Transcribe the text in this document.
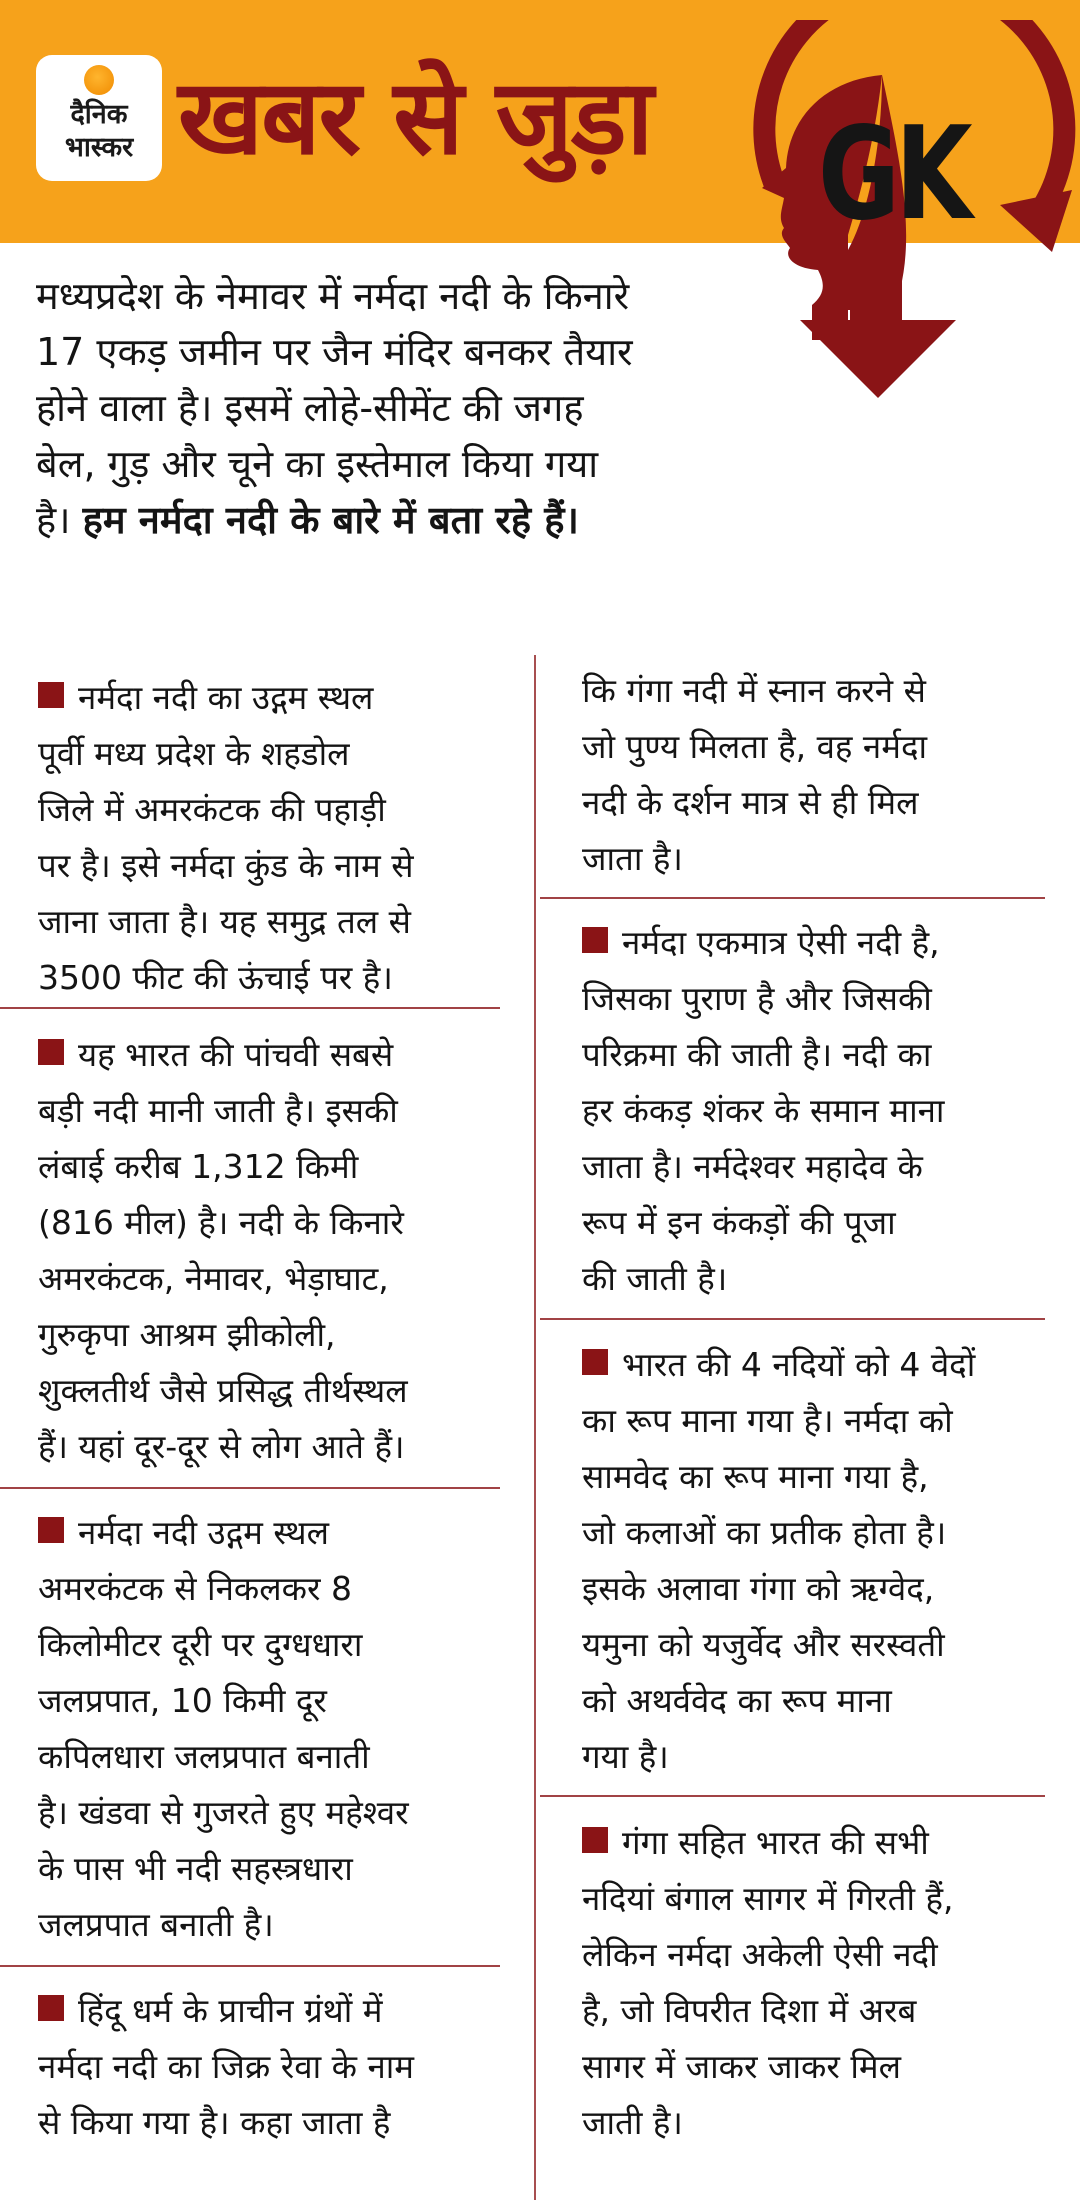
दैनिक
भास्कर खबर से जुड़ा GK
मध्यप्रदेश के नेमावर में नर्मदा नदी के किनारे
17 एकड़ जमीन पर जैन मंदिर बनकर तैयार
होने वाला है। इसमें लोहे-सीमेंट की जगह
बेल, गुड़ और चूने का इस्तेमाल किया गया
है। हम नर्मदा नदी के बारे में बता रहे हैं।
नर्मदा नदी का उद्गम स्थल
पूर्वी मध्य प्रदेश के शहडोल
जिले में अमरकंटक की पहाड़ी
पर है। इसे नर्मदा कुंड के नाम से
जाना जाता है। यह समुद्र तल से
3500 फीट की ऊंचाई पर है।
यह भारत की पांचवी सबसे
बड़ी नदी मानी जाती है। इसकी
लंबाई करीब 1,312 किमी
(816 मील) है। नदी के किनारे
अमरकंटक, नेमावर, भेड़ाघाट,
गुरुकृपा आश्रम झीकोली,
शुक्लतीर्थ जैसे प्रसिद्ध तीर्थस्थल
हैं। यहां दूर-दूर से लोग आते हैं।
नर्मदा नदी उद्गम स्थल
अमरकंटक से निकलकर 8
किलोमीटर दूरी पर दुग्धधारा
जलप्रपात, 10 किमी दूर
कपिलधारा जलप्रपात बनाती
है। खंडवा से गुजरते हुए महेश्वर
के पास भी नदी सहस्त्रधारा
जलप्रपात बनाती है।
हिंदू धर्म के प्राचीन ग्रंथों में
नर्मदा नदी का जिक्र रेवा के नाम
से किया गया है। कहा जाता है
कि गंगा नदी में स्नान करने से
जो पुण्य मिलता है, वह नर्मदा
नदी के दर्शन मात्र से ही मिल
जाता है।
नर्मदा एकमात्र ऐसी नदी है,
जिसका पुराण है और जिसकी
परिक्रमा की जाती है। नदी का
हर कंकड़ शंकर के समान माना
जाता है। नर्मदेश्वर महादेव के
रूप में इन कंकड़ों की पूजा
की जाती है।
भारत की 4 नदियों को 4 वेदों
का रूप माना गया है। नर्मदा को
सामवेद का रूप माना गया है,
जो कलाओं का प्रतीक होता है।
इसके अलावा गंगा को ऋग्वेद,
यमुना को यजुर्वेद और सरस्वती
को अथर्ववेद का रूप माना
गया है।
गंगा सहित भारत की सभी
नदियां बंगाल सागर में गिरती हैं,
लेकिन नर्मदा अकेली ऐसी नदी
है, जो विपरीत दिशा में अरब
सागर में जाकर जाकर मिल
जाती है।
